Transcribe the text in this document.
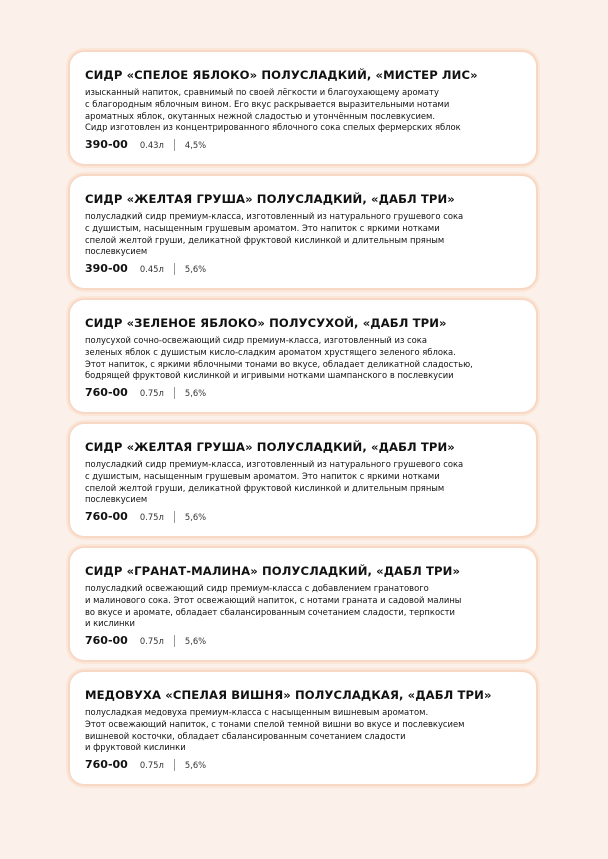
СИДР «СПЕЛОЕ ЯБЛОКО» ПОЛУСЛАДКИЙ, «МИСТЕР ЛИС»
изысканный напиток, сравнимый по своей лёгкости и благоухающему аромату
с благородным яблочным вином. Его вкус раскрывается выразительными нотами
ароматных яблок, окутанных нежной сладостью и утончённым послевкусием.
Сидр изготовлен из концентрированного яблочного сока спелых фермерских яблок
390-00 0.43л	4,5%
СИДР «ЖЕЛТАЯ ГРУША» ПОЛУСЛАДКИЙ, «ДАБЛ ТРИ»
полусладкий сидр премиум-класса, изготовленный из натурального грушевого сока
с душистым, насыщенным грушевым ароматом. Это напиток с яркими нотками
спелой желтой груши, деликатной фруктовой кислинкой и длительным пряным
послевкусием
390-00 0.45л	5,6%
СИДР «ЗЕЛЕНОЕ ЯБЛОКО» ПОЛУСУХОЙ, «ДАБЛ ТРИ»
полусухой сочно-освежающий сидр премиум-класса, изготовленный из сока
зеленых яблок с душистым кисло-сладким ароматом хрустящего зеленого яблока.
Этот напиток, с яркими яблочными тонами во вкусе, обладает деликатной сладостью,
бодрящей фруктовой кислинкой и игривыми нотками шампанского в послевкусии
760-00 0.75л	5,6%
СИДР «ЖЕЛТАЯ ГРУША» ПОЛУСЛАДКИЙ, «ДАБЛ ТРИ»
полусладкий сидр премиум-класса, изготовленный из натурального грушевого сока
с душистым, насыщенным грушевым ароматом. Это напиток с яркими нотками
спелой желтой груши, деликатной фруктовой кислинкой и длительным пряным
послевкусием
760-00 0.75л	5,6%
СИДР «ГРАНАТ-МАЛИНА» ПОЛУСЛАДКИЙ, «ДАБЛ ТРИ»
полусладкий освежающий сидр премиум-класса с добавлением гранатового
и малинового сока. Этот освежающий напиток, с нотами граната и садовой малины
во вкусе и аромате, обладает сбалансированным сочетанием сладости, терпкости
и кислинки
760-00 0.75л	5,6%
МЕДОВУХА «СПЕЛАЯ ВИШНЯ» ПОЛУСЛАДКАЯ, «ДАБЛ ТРИ»
полусладкая медовуха премиум-класса с насыщенным вишневым ароматом.
Этот освежающий напиток, с тонами спелой темной вишни во вкусе и послевкусием
вишневой косточки, обладает сбалансированным сочетанием сладости
и фруктовой кислинки
760-00 0.75л	5,6%
